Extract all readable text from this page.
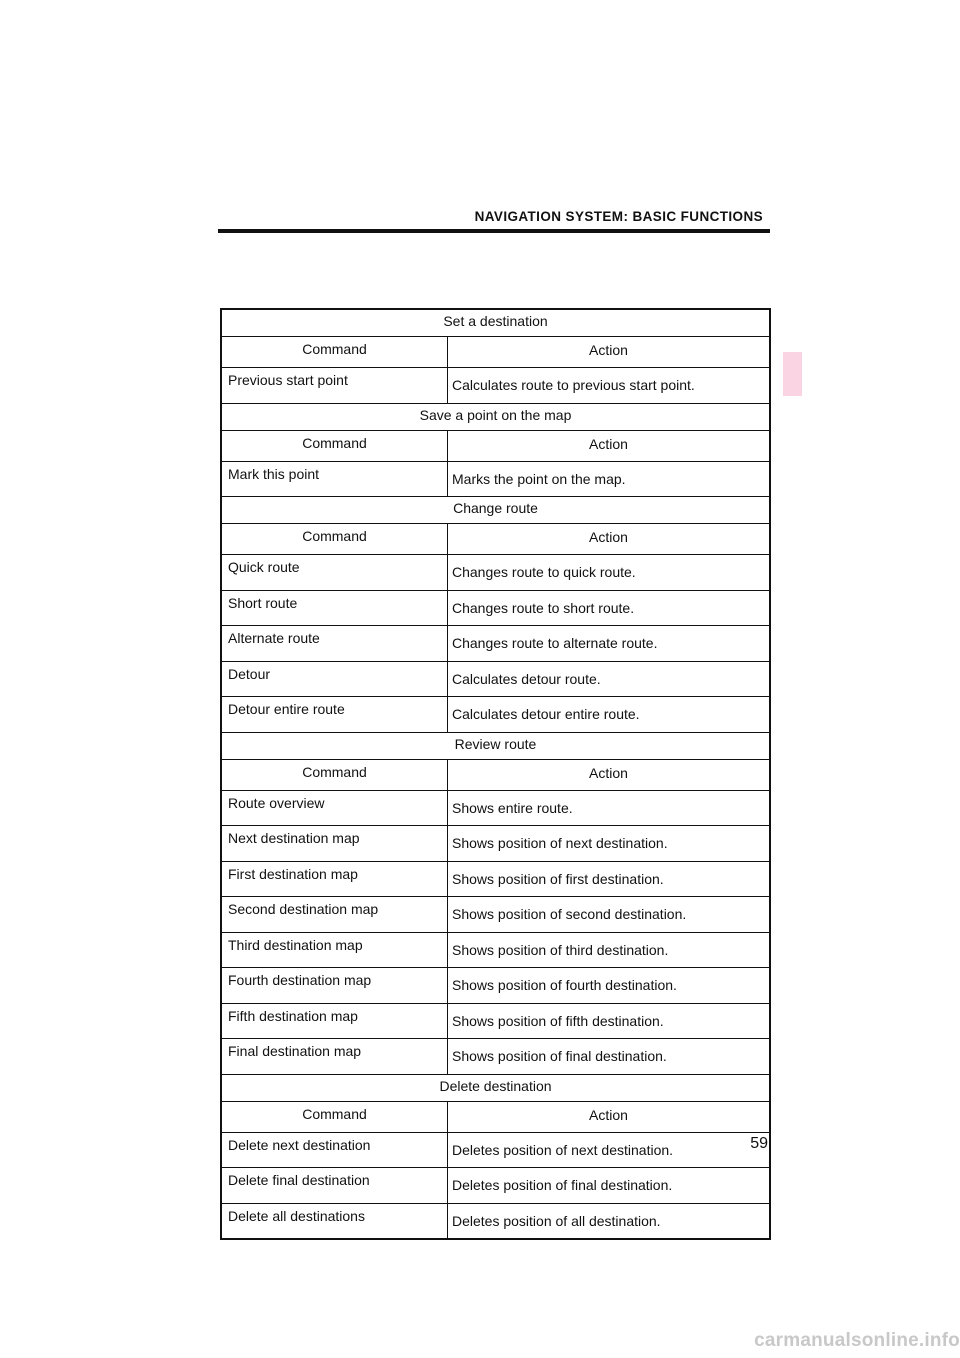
NAVIGATION SYSTEM: BASIC FUNCTIONS
Set a destination	
Command	Action
Previous start point	Calculates route to previous start point.
Save a point on the map	
Command	Action
Mark this point	Marks the point on the map.
Change route	
Command	Action
Quick route	Changes route to quick route.
Short route	Changes route to short route.
Alternate route	Changes route to alternate route.
Detour	Calculates detour route.
Detour entire route	Calculates detour entire route.
Review route	
Command	Action
Route overview	Shows entire route.
Next destination map	Shows position of next destination.
First destination map	Shows position of first destination.
Second destination map	Shows position of second destination.
Third destination map	Shows position of third destination.
Fourth destination map	Shows position of fourth destination.
Fifth destination map	Shows position of fifth destination.
Final destination map	Shows position of final destination.
Delete destination	
Command	Action
Delete next destination	Deletes position of next destination.
Delete final destination	Deletes position of final destination.
Delete all destinations	Deletes position of all destination.
59
carmanualsonline.info
